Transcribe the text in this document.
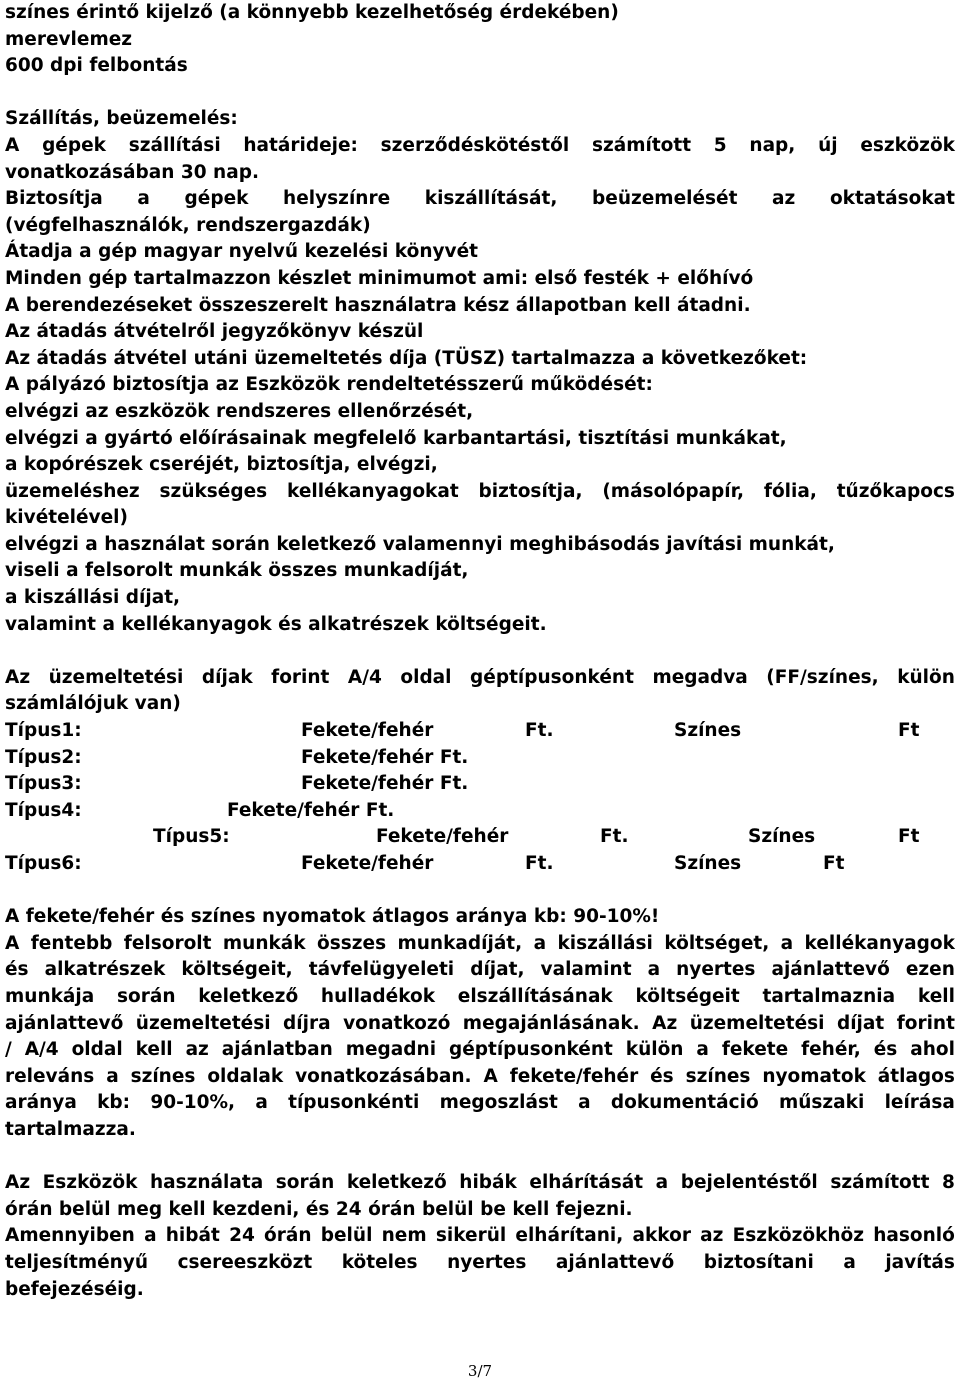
színes érintő kijelző (a könnyebb kezelhetőség érdekében)
merevlemez
600 dpi felbontás
Szállítás, beüzemelés:
A gépek szállítási határideje: szerződéskötéstől számított 5 nap, új eszközök
vonatkozásában 30 nap.
Biztosítja a gépek helyszínre kiszállítását, beüzemelését az oktatásokat
(végfelhasználók, rendszergazdák)
Átadja a gép magyar nyelvű kezelési könyvét
Minden gép tartalmazzon készlet minimumot ami: első festék + előhívó
A berendezéseket összeszerelt használatra kész állapotban kell átadni.
Az átadás átvételről jegyzőkönyv készül
Az átadás átvétel utáni üzemeltetés díja (TÜSZ) tartalmazza a következőket:
A pályázó biztosítja az Eszközök rendeltetésszerű működését:
elvégzi az eszközök rendszeres ellenőrzését,
elvégzi a gyártó előírásainak megfelelő karbantartási, tisztítási munkákat,
a kopórészek cseréjét, biztosítja, elvégzi,
üzemeléshez szükséges kellékanyagokat biztosítja, (másolópapír, fólia, tűzőkapocs
kivételével)
elvégzi a használat során keletkező valamennyi meghibásodás javítási munkát,
viseli a felsorolt munkák összes munkadíját,
a kiszállási díjat,
valamint a kellékanyagok és alkatrészek költségeit.
Az üzemeltetési díjak forint A/4 oldal géptípusonként megadva (FF/színes, külön
számlálójuk van)
Típus1:	Fekete/fehér	Ft.	Színes	Ft
Típus2:	Fekete/fehér Ft.
Típus3:	Fekete/fehér Ft.
Típus4:	Fekete/fehér Ft.
Típus5:	Fekete/fehér	Ft.	Színes	Ft
Típus6:	Fekete/fehér	Ft.	Színes	Ft
A fekete/fehér és színes nyomatok átlagos aránya kb: 90-10%!
A fentebb felsorolt munkák összes munkadíját, a kiszállási költséget, a kellékanyagok
és alkatrészek költségeit, távfelügyeleti díjat, valamint a nyertes ajánlattevő ezen
munkája során keletkező hulladékok elszállításának költségeit tartalmaznia kell
ajánlattevő üzemeltetési díjra vonatkozó megajánlásának. Az üzemeltetési díjat forint
/ A/4 oldal kell az ajánlatban megadni géptípusonként külön a fekete fehér, és ahol
releváns a színes oldalak vonatkozásában. A fekete/fehér és színes nyomatok átlagos
aránya kb: 90-10%, a típusonkénti megoszlást a dokumentáció műszaki leírása
tartalmazza.
Az Eszközök használata során keletkező hibák elhárítását a bejelentéstől számított 8
órán belül meg kell kezdeni, és 24 órán belül be kell fejezni.
Amennyiben a hibát 24 órán belül nem sikerül elhárítani, akkor az Eszközökhöz hasonló
teljesítményű csereeszközt köteles nyertes ajánlattevő biztosítani a javítás
befejezéséig.
3/7
